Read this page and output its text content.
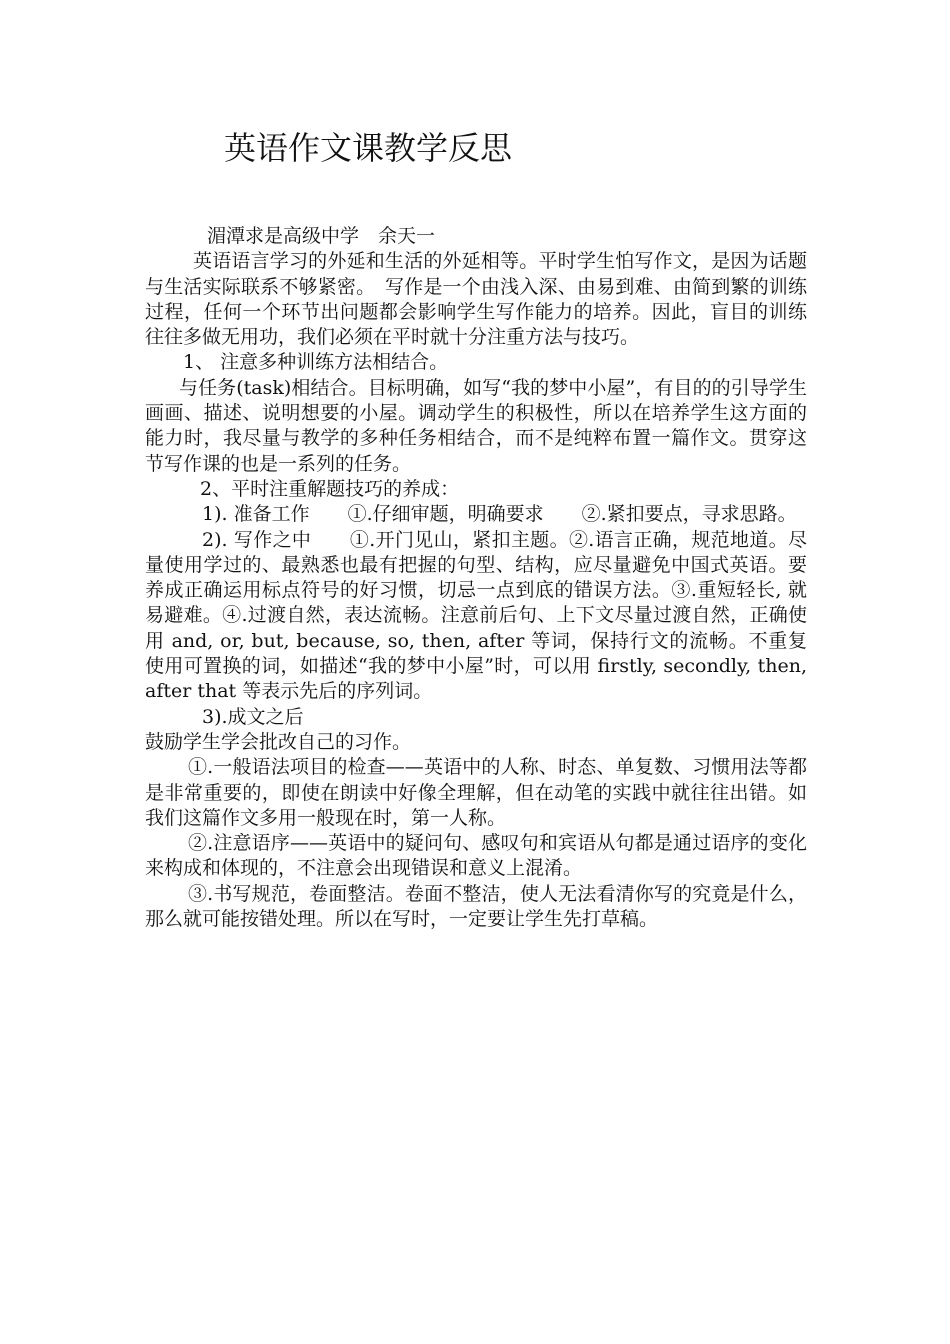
英语作文课教学反思

湄潭求是高级中学　余天一

英语语言学习的外延和生活的外延相等。平时学生怕写作文，是因为话题与生活实际联系不够紧密。　写作是一个由浅入深、由易到难、由简到繁的训练过程，任何一个环节出问题都会影响学生写作能力的培养。因此，盲目的训练往往多做无用功，我们必须在平时就十分注重方法与技巧。

1、 注意多种训练方法相结合。

与任务(task)相结合。目标明确，如写“我的梦中小屋”，有目的的引导学生画画、描述、说明想要的小屋。调动学生的积极性，所以在培养学生这方面的能力时，我尽量与教学的多种任务相结合，而不是纯粹布置一篇作文。贯穿这节写作课的也是一系列的任务。

2、平时注重解题技巧的养成：

1). 准备工作　　①.仔细审题，明确要求　　②.紧扣要点，寻求思路。

2). 写作之中　　①.开门见山，紧扣主题。②.语言正确，规范地道。尽量使用学过的、最熟悉也最有把握的句型、结构，应尽量避免中国式英语。要养成正确运用标点符号的好习惯，切忌一点到底的错误方法。③.重短轻长, 就易避难。④.过渡自然，表达流畅。注意前后句、上下文尽量过渡自然，正确使用 and, or, but, because, so, then, after 等词，保持行文的流畅。不重复使用可置换的词，如描述“我的梦中小屋”时，可以用 firstly, secondly, then, after that 等表示先后的序列词。

3).成文之后

鼓励学生学会批改自己的习作。

①.一般语法项目的检查——英语中的人称、时态、单复数、习惯用法等都是非常重要的，即使在朗读中好像全理解，但在动笔的实践中就往往出错。如我们这篇作文多用一般现在时，第一人称。

②.注意语序——英语中的疑问句、感叹句和宾语从句都是通过语序的变化来构成和体现的，不注意会出现错误和意义上混淆。

③.书写规范，卷面整洁。卷面不整洁，使人无法看清你写的究竟是什么，那么就可能按错处理。所以在写时，一定要让学生先打草稿。
